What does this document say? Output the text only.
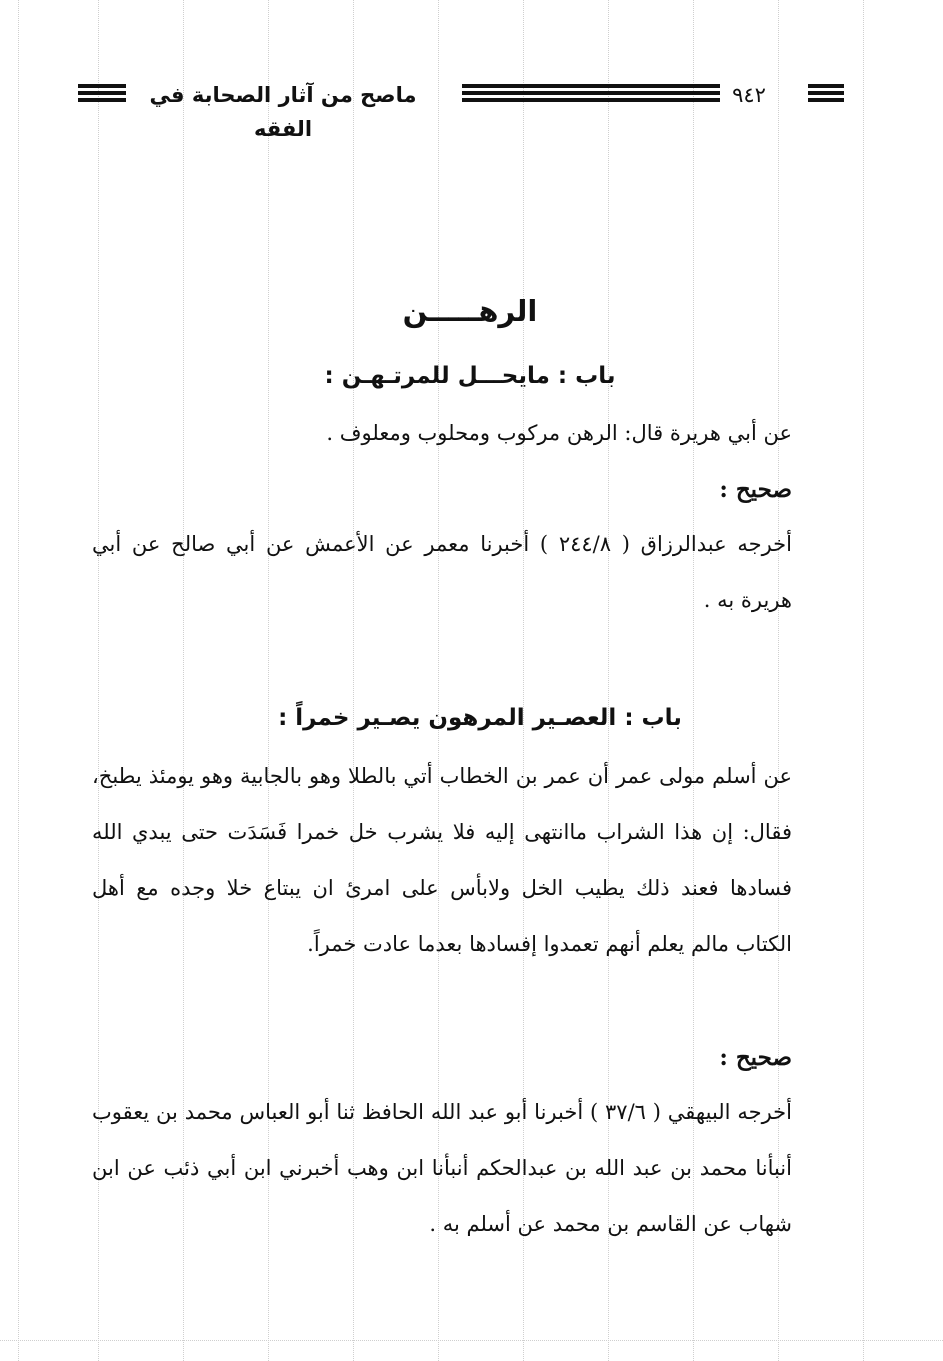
ماصح من آثار الصحابة في الفقه
٩٤٢
الرهـــــن
باب : مايحـــل للمرتـهـن :
عن أبي هريرة قال: الرهن مركوب ومحلوب ومعلوف .
صحيح :
أخرجه عبدالرزاق ( ٢٤٤/٨ ) أخبرنا معمر عن الأعمش عن أبي صالح عن أبي هريرة به .
باب : العصـير المرهون يصـير خمراً :
عن أسلم مولى عمر أن عمر بن الخطاب أتي بالطلا وهو بالجابية وهو يومئذ يطبخ، فقال: إن هذا الشراب ماانتهى إليه فلا يشرب خل خمرا فَسَدَت حتى يبدي الله فسادها فعند ذلك يطيب الخل ولابأس على امرئ ان يبتاع خلا وجده مع أهل الكتاب مالم يعلم أنهم تعمدوا إفسادها بعدما عادت خمراً.
صحيح :
أخرجه البيهقي ( ٣٧/٦ ) أخبرنا أبو عبد الله الحافظ ثنا أبو العباس محمد بن يعقوب أنبأنا محمد بن عبد الله بن عبدالحكم أنبأنا ابن وهب أخبرني ابن أبي ذئب عن ابن شهاب عن القاسم بن محمد عن أسلم به .
